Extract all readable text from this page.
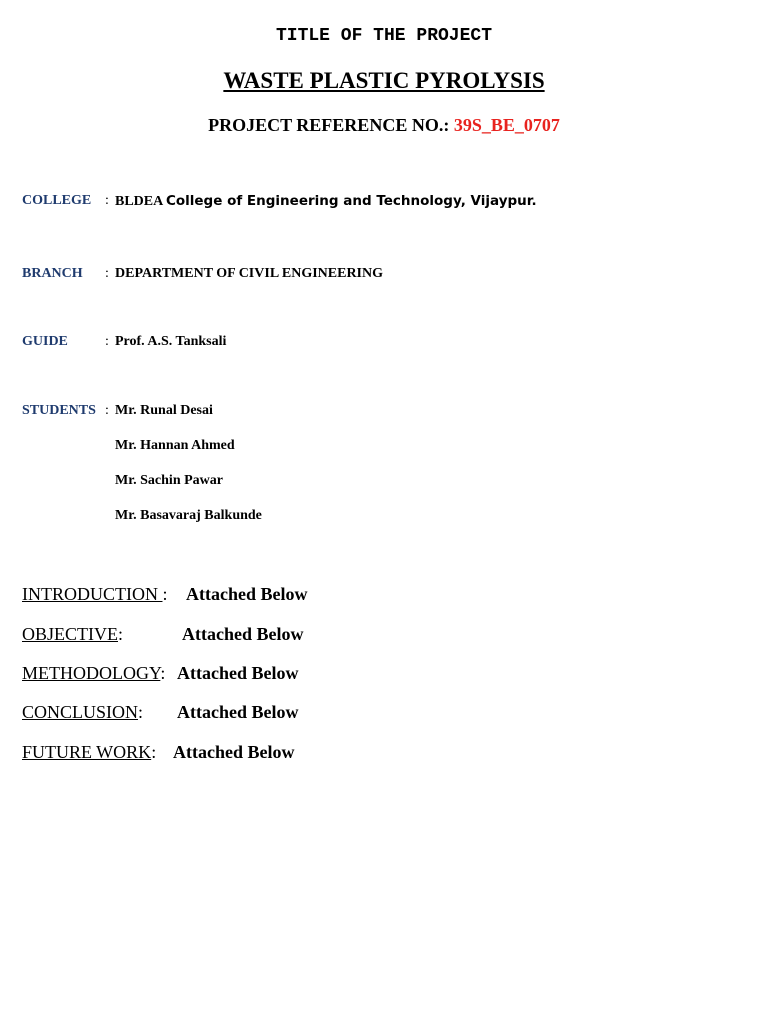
TITLE OF THE PROJECT
WASTE PLASTIC PYROLYSIS
PROJECT REFERENCE NO.: 39S_BE_0707
COLLEGE : BLDEA College of Engineering and Technology, Vijaypur.
BRANCH : DEPARTMENT OF CIVIL ENGINEERING
GUIDE	: Prof. A.S. Tanksali
STUDENTS : Mr. Runal Desai
Mr. Hannan Ahmed
Mr. Sachin Pawar
Mr. Basavaraj Balkunde
INTRODUCTION : Attached Below
OBJECTIVE:	Attached Below
METHODOLOGY: Attached Below
CONCLUSION: Attached Below
FUTURE WORK: Attached Below
